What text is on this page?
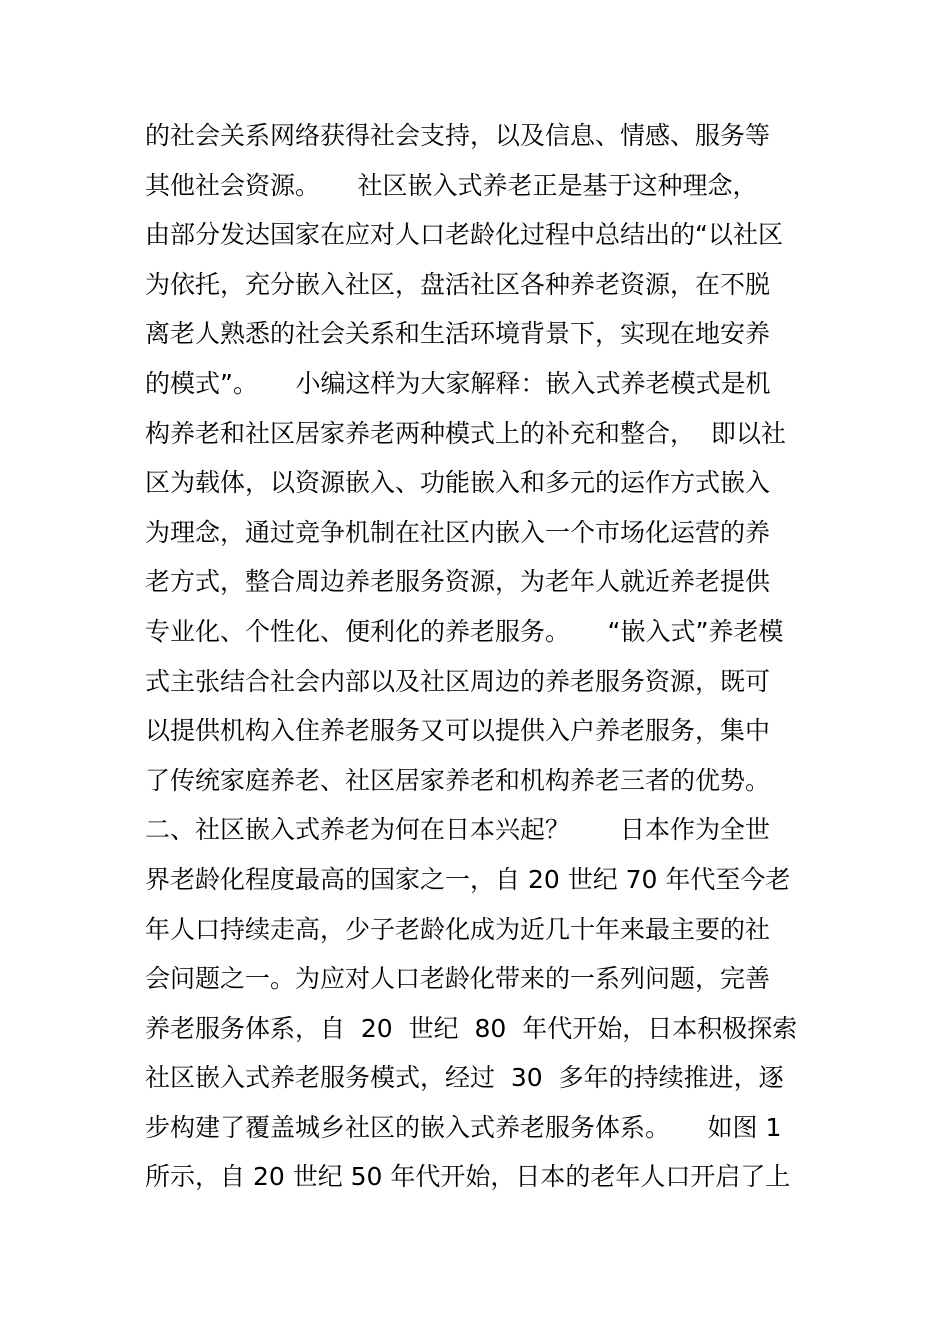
的社会关系网络获得社会支持，以及信息、情感、服务等
其他社会资源。　　社区嵌入式养老正是基于这种理念，
由部分发达国家在应对人口老龄化过程中总结出的“以社区
为依托，充分嵌入社区，盘活社区各种养老资源，在不脱
离老人熟悉的社会关系和生活环境背景下，实现在地安养
的模式”。　　小编这样为大家解释：嵌入式养老模式是机
构养老和社区居家养老两种模式上的补充和整合，  即以社
区为载体，以资源嵌入、功能嵌入和多元的运作方式嵌入
为理念，通过竞争机制在社区内嵌入一个市场化运营的养
老方式，整合周边养老服务资源，为老年人就近养老提供
专业化、个性化、便利化的养老服务。　　“嵌入式”养老模
式主张结合社会内部以及社区周边的养老服务资源，既可
以提供机构入住养老服务又可以提供入户养老服务，集中
了传统家庭养老、社区居家养老和机构养老三者的优势。
二、社区嵌入式养老为何在日本兴起？　　日本作为全世
界老龄化程度最高的国家之一，自 20 世纪 70 年代至今老
年人口持续走高，少子老龄化成为近几十年来最主要的社
会问题之一。为应对人口老龄化带来的一系列问题，完善
养老服务体系，自  20  世纪  80  年代开始，日本积极探索
社区嵌入式养老服务模式，经过  30  多年的持续推进，逐
步构建了覆盖城乡社区的嵌入式养老服务体系。　　如图 1
所示，自 20 世纪 50 年代开始，日本的老年人口开启了上
